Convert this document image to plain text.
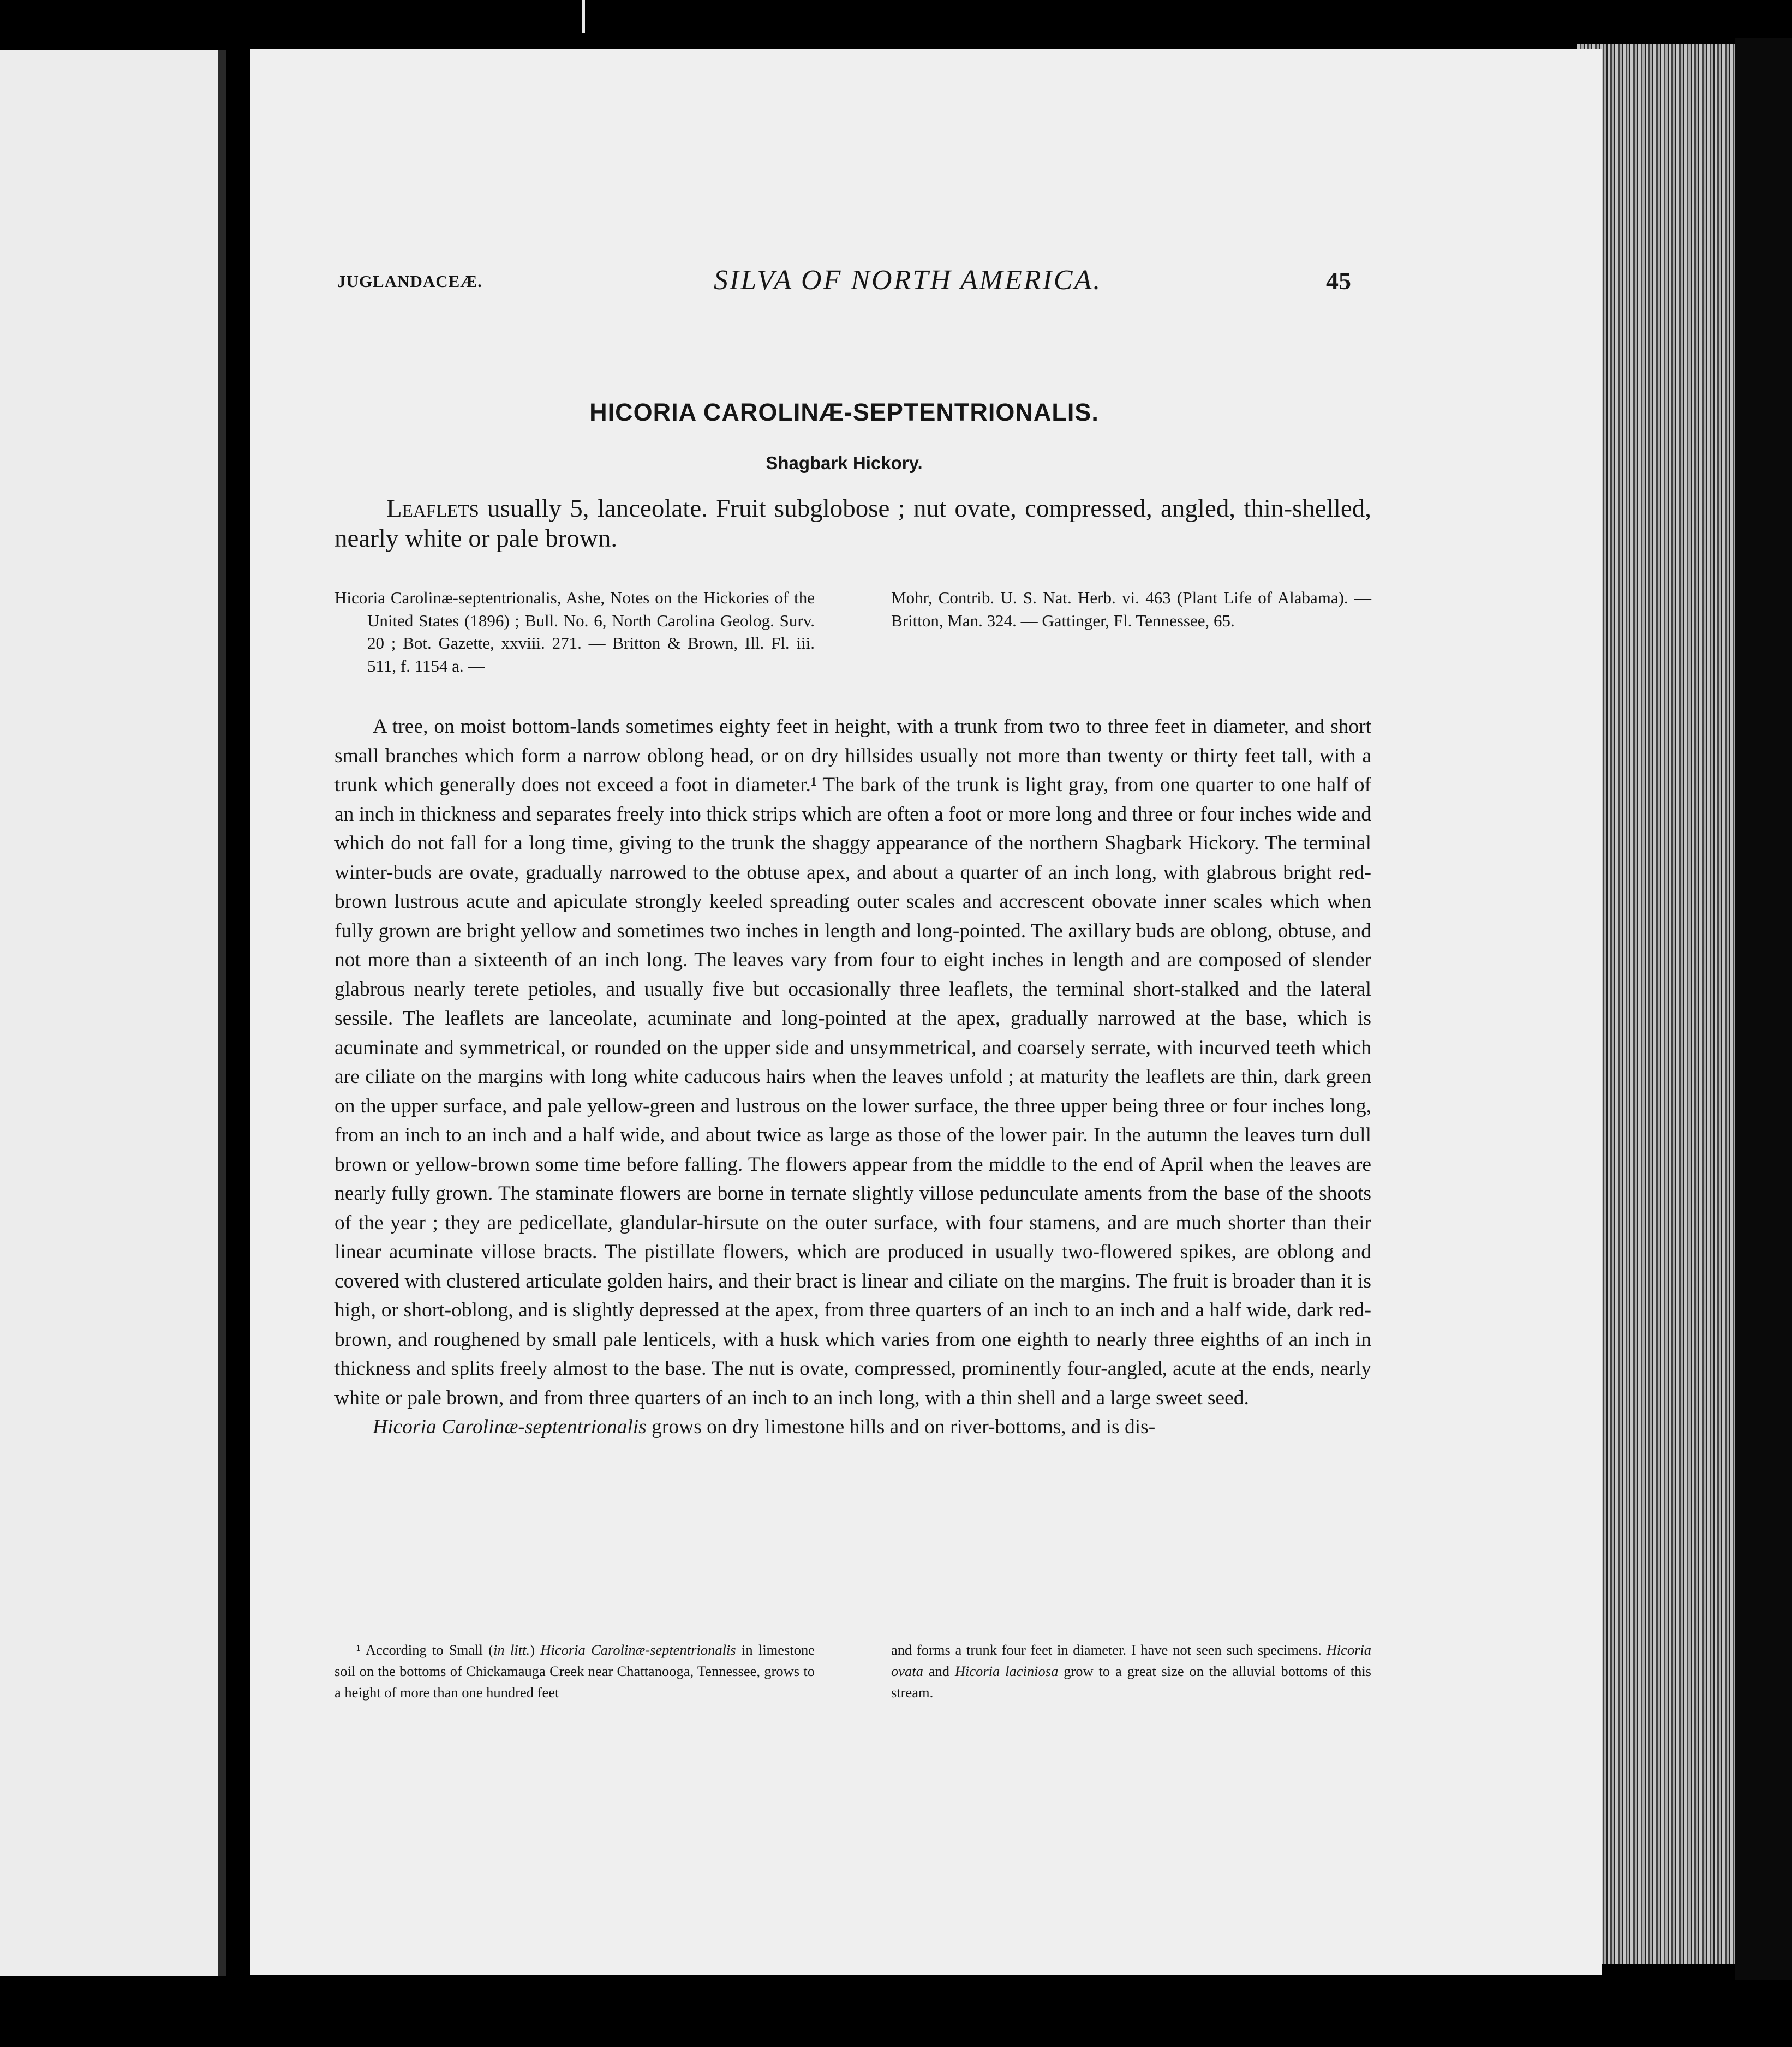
JUGLANDACEÆ.	SILVA OF NORTH AMERICA.	45
HICORIA CAROLINÆ-SEPTENTRIONALIS.
Shagbark Hickory.
Leaflets usually 5, lanceolate. Fruit subglobose ; nut ovate, compressed, angled, thin-shelled, nearly white or pale brown.

Hicoria Carolinæ-septentrionalis, Ashe, Notes on the Hickories of the United States (1896) ; Bull. No. 6, North Carolina Geolog. Surv. 20 ; Bot. Gazette, xxviii. 271. — Britton & Brown, Ill. Fl. iii. 511, f. 1154 a. —

Mohr, Contrib. U. S. Nat. Herb. vi. 463 (Plant Life of Alabama). — Britton, Man. 324. — Gattinger, Fl. Tennessee, 65.

A tree, on moist bottom-lands sometimes eighty feet in height, with a trunk from two to three feet in diameter, and short small branches which form a narrow oblong head, or on dry hillsides usually not more than twenty or thirty feet tall, with a trunk which generally does not exceed a foot in diameter.¹ The bark of the trunk is light gray, from one quarter to one half of an inch in thickness and separates freely into thick strips which are often a foot or more long and three or four inches wide and which do not fall for a long time, giving to the trunk the shaggy appearance of the northern Shagbark Hickory. The terminal winter-buds are ovate, gradually narrowed to the obtuse apex, and about a quarter of an inch long, with glabrous bright red-brown lustrous acute and apiculate strongly keeled spreading outer scales and accrescent obovate inner scales which when fully grown are bright yellow and sometimes two inches in length and long-pointed. The axillary buds are oblong, obtuse, and not more than a sixteenth of an inch long. The leaves vary from four to eight inches in length and are composed of slender glabrous nearly terete petioles, and usually five but occasionally three leaflets, the terminal short-stalked and the lateral sessile. The leaflets are lanceolate, acuminate and long-pointed at the apex, gradually narrowed at the base, which is acuminate and symmetrical, or rounded on the upper side and unsymmetrical, and coarsely serrate, with incurved teeth which are ciliate on the margins with long white caducous hairs when the leaves unfold ; at maturity the leaflets are thin, dark green on the upper surface, and pale yellow-green and lustrous on the lower surface, the three upper being three or four inches long, from an inch to an inch and a half wide, and about twice as large as those of the lower pair. In the autumn the leaves turn dull brown or yellow-brown some time before falling. The flowers appear from the middle to the end of April when the leaves are nearly fully grown. The staminate flowers are borne in ternate slightly villose pedunculate aments from the base of the shoots of the year ; they are pedicellate, glandular-hirsute on the outer surface, with four stamens, and are much shorter than their linear acuminate villose bracts. The pistillate flowers, which are produced in usually two-flowered spikes, are oblong and covered with clustered articulate golden hairs, and their bract is linear and ciliate on the margins. The fruit is broader than it is high, or short-oblong, and is slightly depressed at the apex, from three quarters of an inch to an inch and a half wide, dark red-brown, and roughened by small pale lenticels, with a husk which varies from one eighth to nearly three eighths of an inch in thickness and splits freely almost to the base. The nut is ovate, compressed, prominently four-angled, acute at the ends, nearly white or pale brown, and from three quarters of an inch to an inch long, with a thin shell and a large sweet seed.

Hicoria Carolinæ-septentrionalis grows on dry limestone hills and on river-bottoms, and is dis-

¹ According to Small (in litt.) Hicoria Carolinæ-septentrionalis in limestone soil on the bottoms of Chickamauga Creek near Chattanooga, Tennessee, grows to a height of more than one hundred feet

and forms a trunk four feet in diameter. I have not seen such specimens. Hicoria ovata and Hicoria laciniosa grow to a great size on the alluvial bottoms of this stream.
